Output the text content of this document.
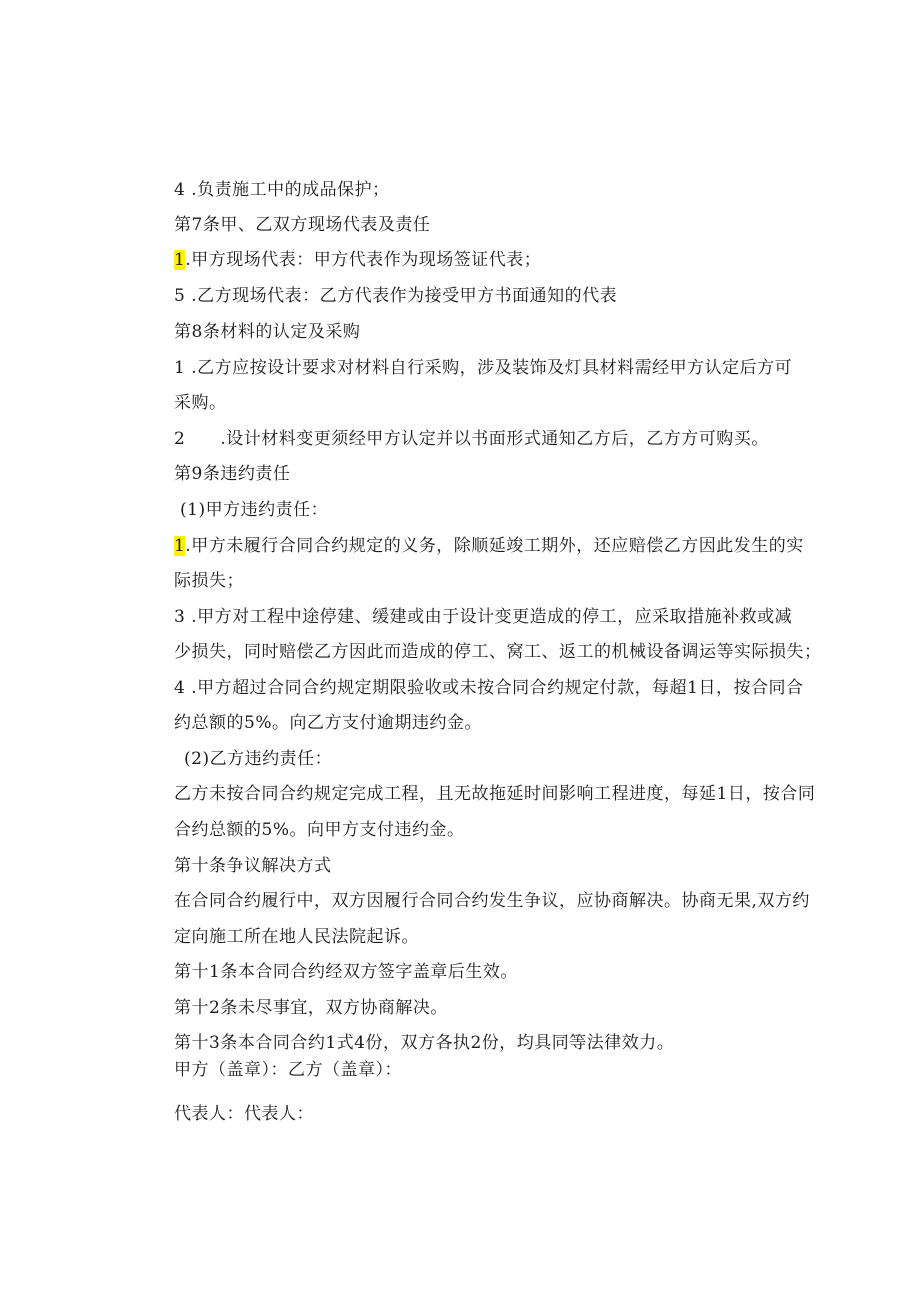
4 .负责施工中的成品保护；
第7条甲、乙双方现场代表及责任
1.甲方现场代表：甲方代表作为现场签证代表；
5 .乙方现场代表：乙方代表作为接受甲方书面通知的代表
第8条材料的认定及采购
1 .乙方应按设计要求对材料自行采购，涉及装饰及灯具材料需经甲方认定后方可
采购。
2　　.设计材料变更须经甲方认定并以书面形式通知乙方后，乙方方可购买。
第9条违约责任
(1)甲方违约责任：
1.甲方未履行合同合约规定的义务，除顺延竣工期外，还应赔偿乙方因此发生的实
际损失；
3 .甲方对工程中途停建、缓建或由于设计变更造成的停工，应采取措施补救或减
少损失，同时赔偿乙方因此而造成的停工、窝工、返工的机械设备调运等实际损失；
4 .甲方超过合同合约规定期限验收或未按合同合约规定付款，每超1日，按合同合
约总额的5%。向乙方支付逾期违约金。
(2)乙方违约责任：
乙方未按合同合约规定完成工程，且无故拖延时间影响工程进度，每延1日，按合同
合约总额的5%。向甲方支付违约金。
第十条争议解决方式
在合同合约履行中，双方因履行合同合约发生争议，应协商解决。协商无果,双方约
定向施工所在地人民法院起诉。
第十1条本合同合约经双方签字盖章后生效。
第十2条未尽事宜，双方协商解决。
第十3条本合同合约1式4份，双方各执2份，均具同等法律效力。
甲方（盖章）：乙方（盖章）：
代表人：代表人：
